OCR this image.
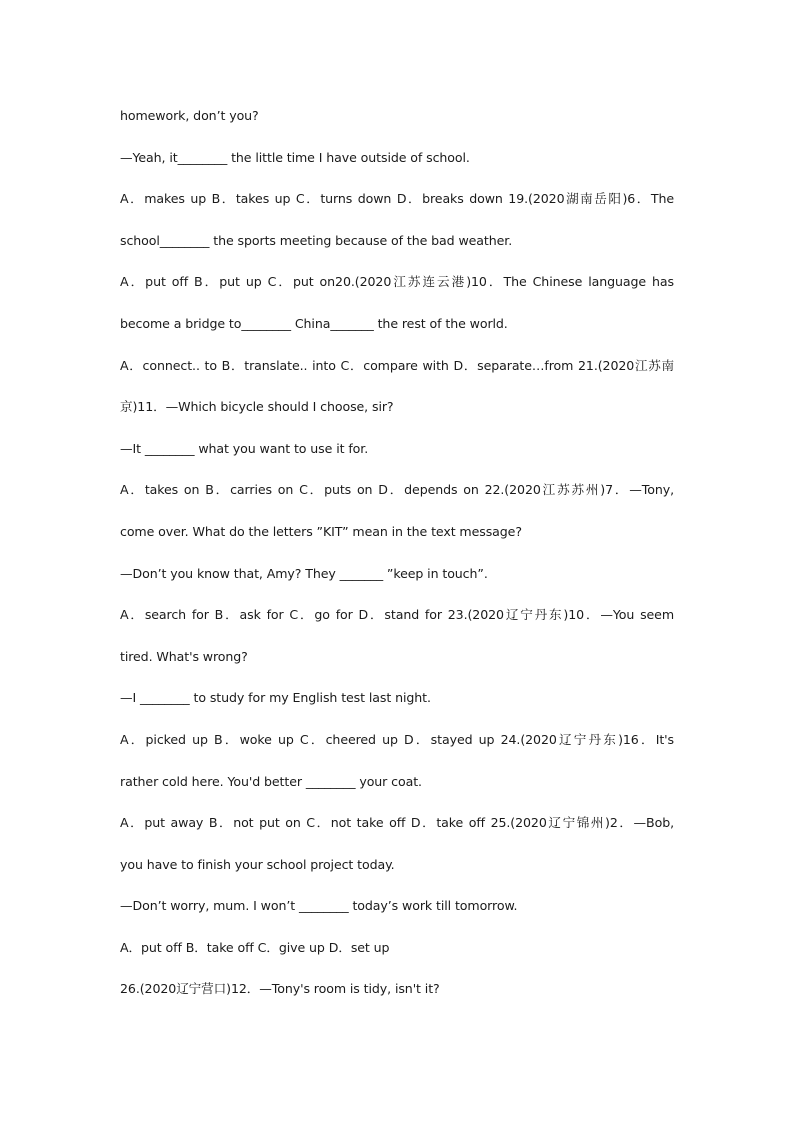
homework, don’t you?
—Yeah, it________ the little time I have outside of school.
A．makes up B．takes up C．turns down D．breaks down 19.(2020湖南岳阳)6．The
school________ the sports meeting because of the bad weather.
A．put off B．put up C．put on20.(2020江苏连云港)10．The Chinese language has
become a bridge to________ China_______ the rest of the world.
A．connect.. to B．translate.. into C．compare with D．separate…from 21.(2020江苏南
京)11．—Which bicycle should I choose, sir?
—It ________ what you want to use it for.
A．takes on B．carries on C．puts on D．depends on 22.(2020江苏苏州)7．—Tony,
come over. What do the letters ”KIT” mean in the text message?
—Don’t you know that, Amy? They _______ ”keep in touch”.
A．search for B．ask for C．go for D．stand for 23.(2020辽宁丹东)10．—You seem
tired. What's wrong?
—I ________ to study for my English test last night.
A．picked up B．woke up C．cheered up D．stayed up 24.(2020辽宁丹东)16．It's
rather cold here. You'd better ________ your coat.
A．put away B．not put on C．not take off D．take off 25.(2020辽宁锦州)2．—Bob,
you have to finish your school project today.
—Don’t worry, mum. I won’t ________ today’s work till tomorrow.
A．put off B．take off C．give up D．set up
26.(2020辽宁营口)12．—Tony's room is tidy, isn't it?
